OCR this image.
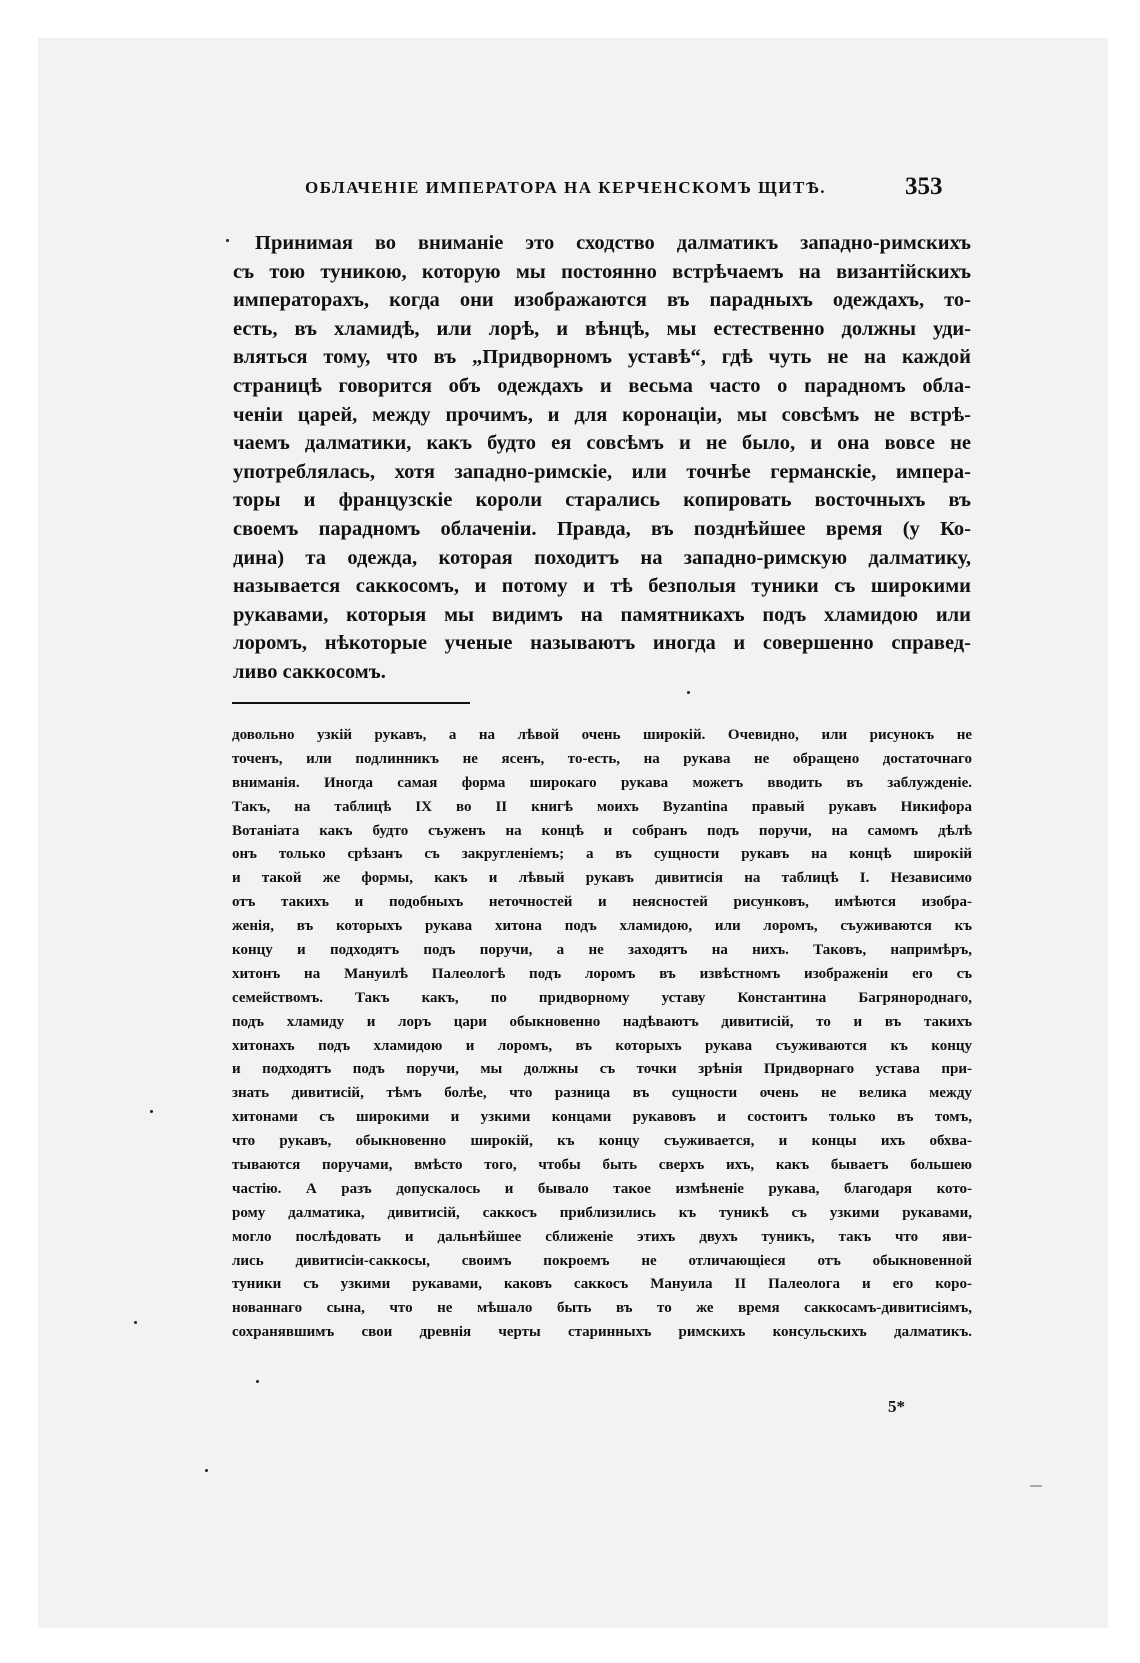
ОБЛАЧЕНІЕ ИМПЕРАТОРА НА КЕРЧЕНСКОМЪ ЩИТѢ.	353
Принимая во вниманіе это сходство далматикъ западно-римскихъ
съ тою туникою, которую мы постоянно встрѣчаемъ на византійскихъ
императорахъ, когда они изображаются въ парадныхъ одеждахъ, то-
есть, въ хламидѣ, или лорѣ, и вѣнцѣ, мы естественно должны уди-
вляться тому, что въ „Придворномъ уставѣ“, гдѣ чуть не на каждой
страницѣ говорится объ одеждахъ и весьма часто о парадномъ обла-
ченіи царей, между прочимъ, и для коронаціи, мы совсѣмъ не встрѣ-
чаемъ далматики, какъ будто ея совсѣмъ и не было, и она вовсе не
употреблялась, хотя западно-римскіе, или точнѣе германскіе, импера-
торы и французскіе короли старались копировать восточныхъ въ
своемъ парадномъ облаченіи. Правда, въ позднѣйшее время (у Ко-
дина) та одежда, которая походитъ на западно-римскую далматику,
называется саккосомъ, и потому и тѣ безполыя туники съ широкими
рукавами, которыя мы видимъ на памятникахъ подъ хламидою или
лоромъ, нѣкоторые ученые называютъ иногда и совершенно справед-
ливо саккосомъ.
довольно узкій рукавъ, а на лѣвой очень широкій. Очевидно, или рисунокъ не
точенъ, или подлинникъ не ясенъ, то-есть, на рукава не обращено достаточнаго
вниманія. Иногда самая форма широкаго рукава можетъ вводить въ заблужденіе.
Такъ, на таблицѣ IX во II книгѣ моихъ Byzantina правый рукавъ Никифора
Вотаніата какъ будто съуженъ на концѣ и собранъ подъ поручи, на самомъ дѣлѣ
онъ только срѣзанъ съ закругленіемъ; а въ сущности рукавъ на концѣ широкій
и такой же формы, какъ и лѣвый рукавъ дивитисія на таблицѣ I. Независимо
отъ такихъ и подобныхъ неточностей и неясностей рисунковъ, имѣются изобра-
женія, въ которыхъ рукава хитона подъ хламидою, или лоромъ, съуживаются къ
концу и подходятъ подъ поручи, а не заходятъ на нихъ. Таковъ, напримѣръ,
хитонъ на Мануилѣ Палеологѣ подъ лоромъ въ извѣстномъ изображеніи его съ
семействомъ. Такъ какъ, по придворному уставу Константина Багрянороднаго,
подъ хламиду и лоръ цари обыкновенно надѣваютъ дивитисій, то и въ такихъ
хитонахъ подъ хламидою и лоромъ, въ которыхъ рукава съуживаются къ концу
и подходятъ подъ поручи, мы должны съ точки зрѣнія Придворнаго устава при-
знать дивитисій, тѣмъ болѣе, что разница въ сущности очень не велика между
хитонами съ широкими и узкими концами рукавовъ и состоитъ только въ томъ,
что рукавъ, обыкновенно широкій, къ концу съуживается, и концы ихъ обхва-
тываются поручами, вмѣсто того, чтобы быть сверхъ ихъ, какъ бываетъ большею
частію. А разъ допускалось и бывало такое измѣненіе рукава, благодаря кото-
рому далматика, дивитисій, саккосъ приблизились къ туникѣ съ узкими рукавами,
могло послѣдовать и дальнѣйшее сближеніе этихъ двухъ туникъ, такъ что яви-
лись дивитисіи-саккосы, своимъ покроемъ не отличающіеся отъ обыкновенной
туники съ узкими рукавами, каковъ саккосъ Мануила II Палеолога и его коро-
нованнаго сына, что не мѣшало быть въ то же время саккосамъ-дивитисіямъ,
сохранявшимъ свои древнія черты старинныхъ римскихъ консульскихъ далматикъ.
5*
